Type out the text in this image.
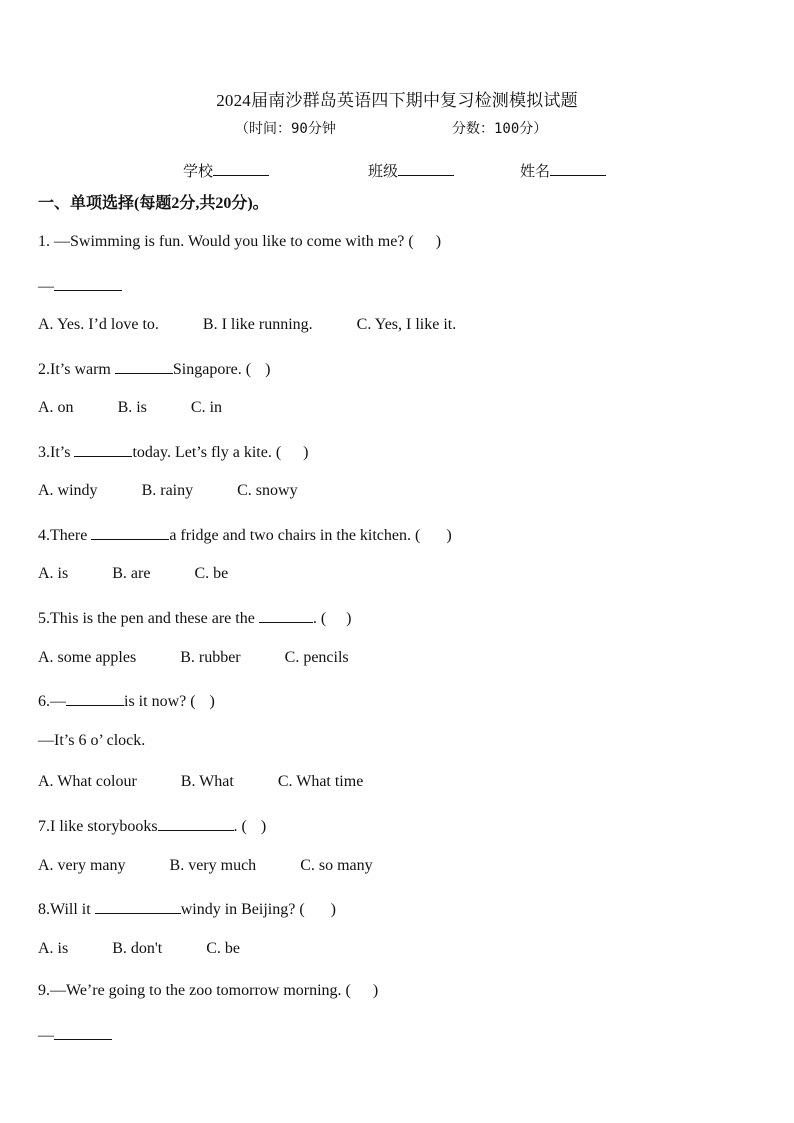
2024届南沙群岛英语四下期中复习检测模拟试题
（时间：90分钟	分数：100分）
学校	班级	姓名
一、单项选择(每题2分,共20分)。
1. —Swimming is fun. Would you like to come with me? ( )
—
A. Yes. I’d love to.	B. I like running.	C. Yes, I like it.
2.It’s warm	Singapore. ( )
A. on	B. is	C. in
3.It’s	today. Let’s fly a kite. ( )
A. windy	B. rainy	C. snowy
4.There	a fridge and two chairs in the kitchen. ( )
A. is	B. are	C. be
5.This is the pen and these are the	. ( )
A. some apples	B. rubber	C. pencils
6.—	is it now? ( )
—It’s 6 o’ clock.
A. What colour	B. What	C. What time
7.I like storybooks	. ( )
A. very many	B. very much	C. so many
8.Will it	windy in Beijing? ( )
A. is	B. don't	C. be
9.—We’re going to the zoo tomorrow morning. ( )
—
